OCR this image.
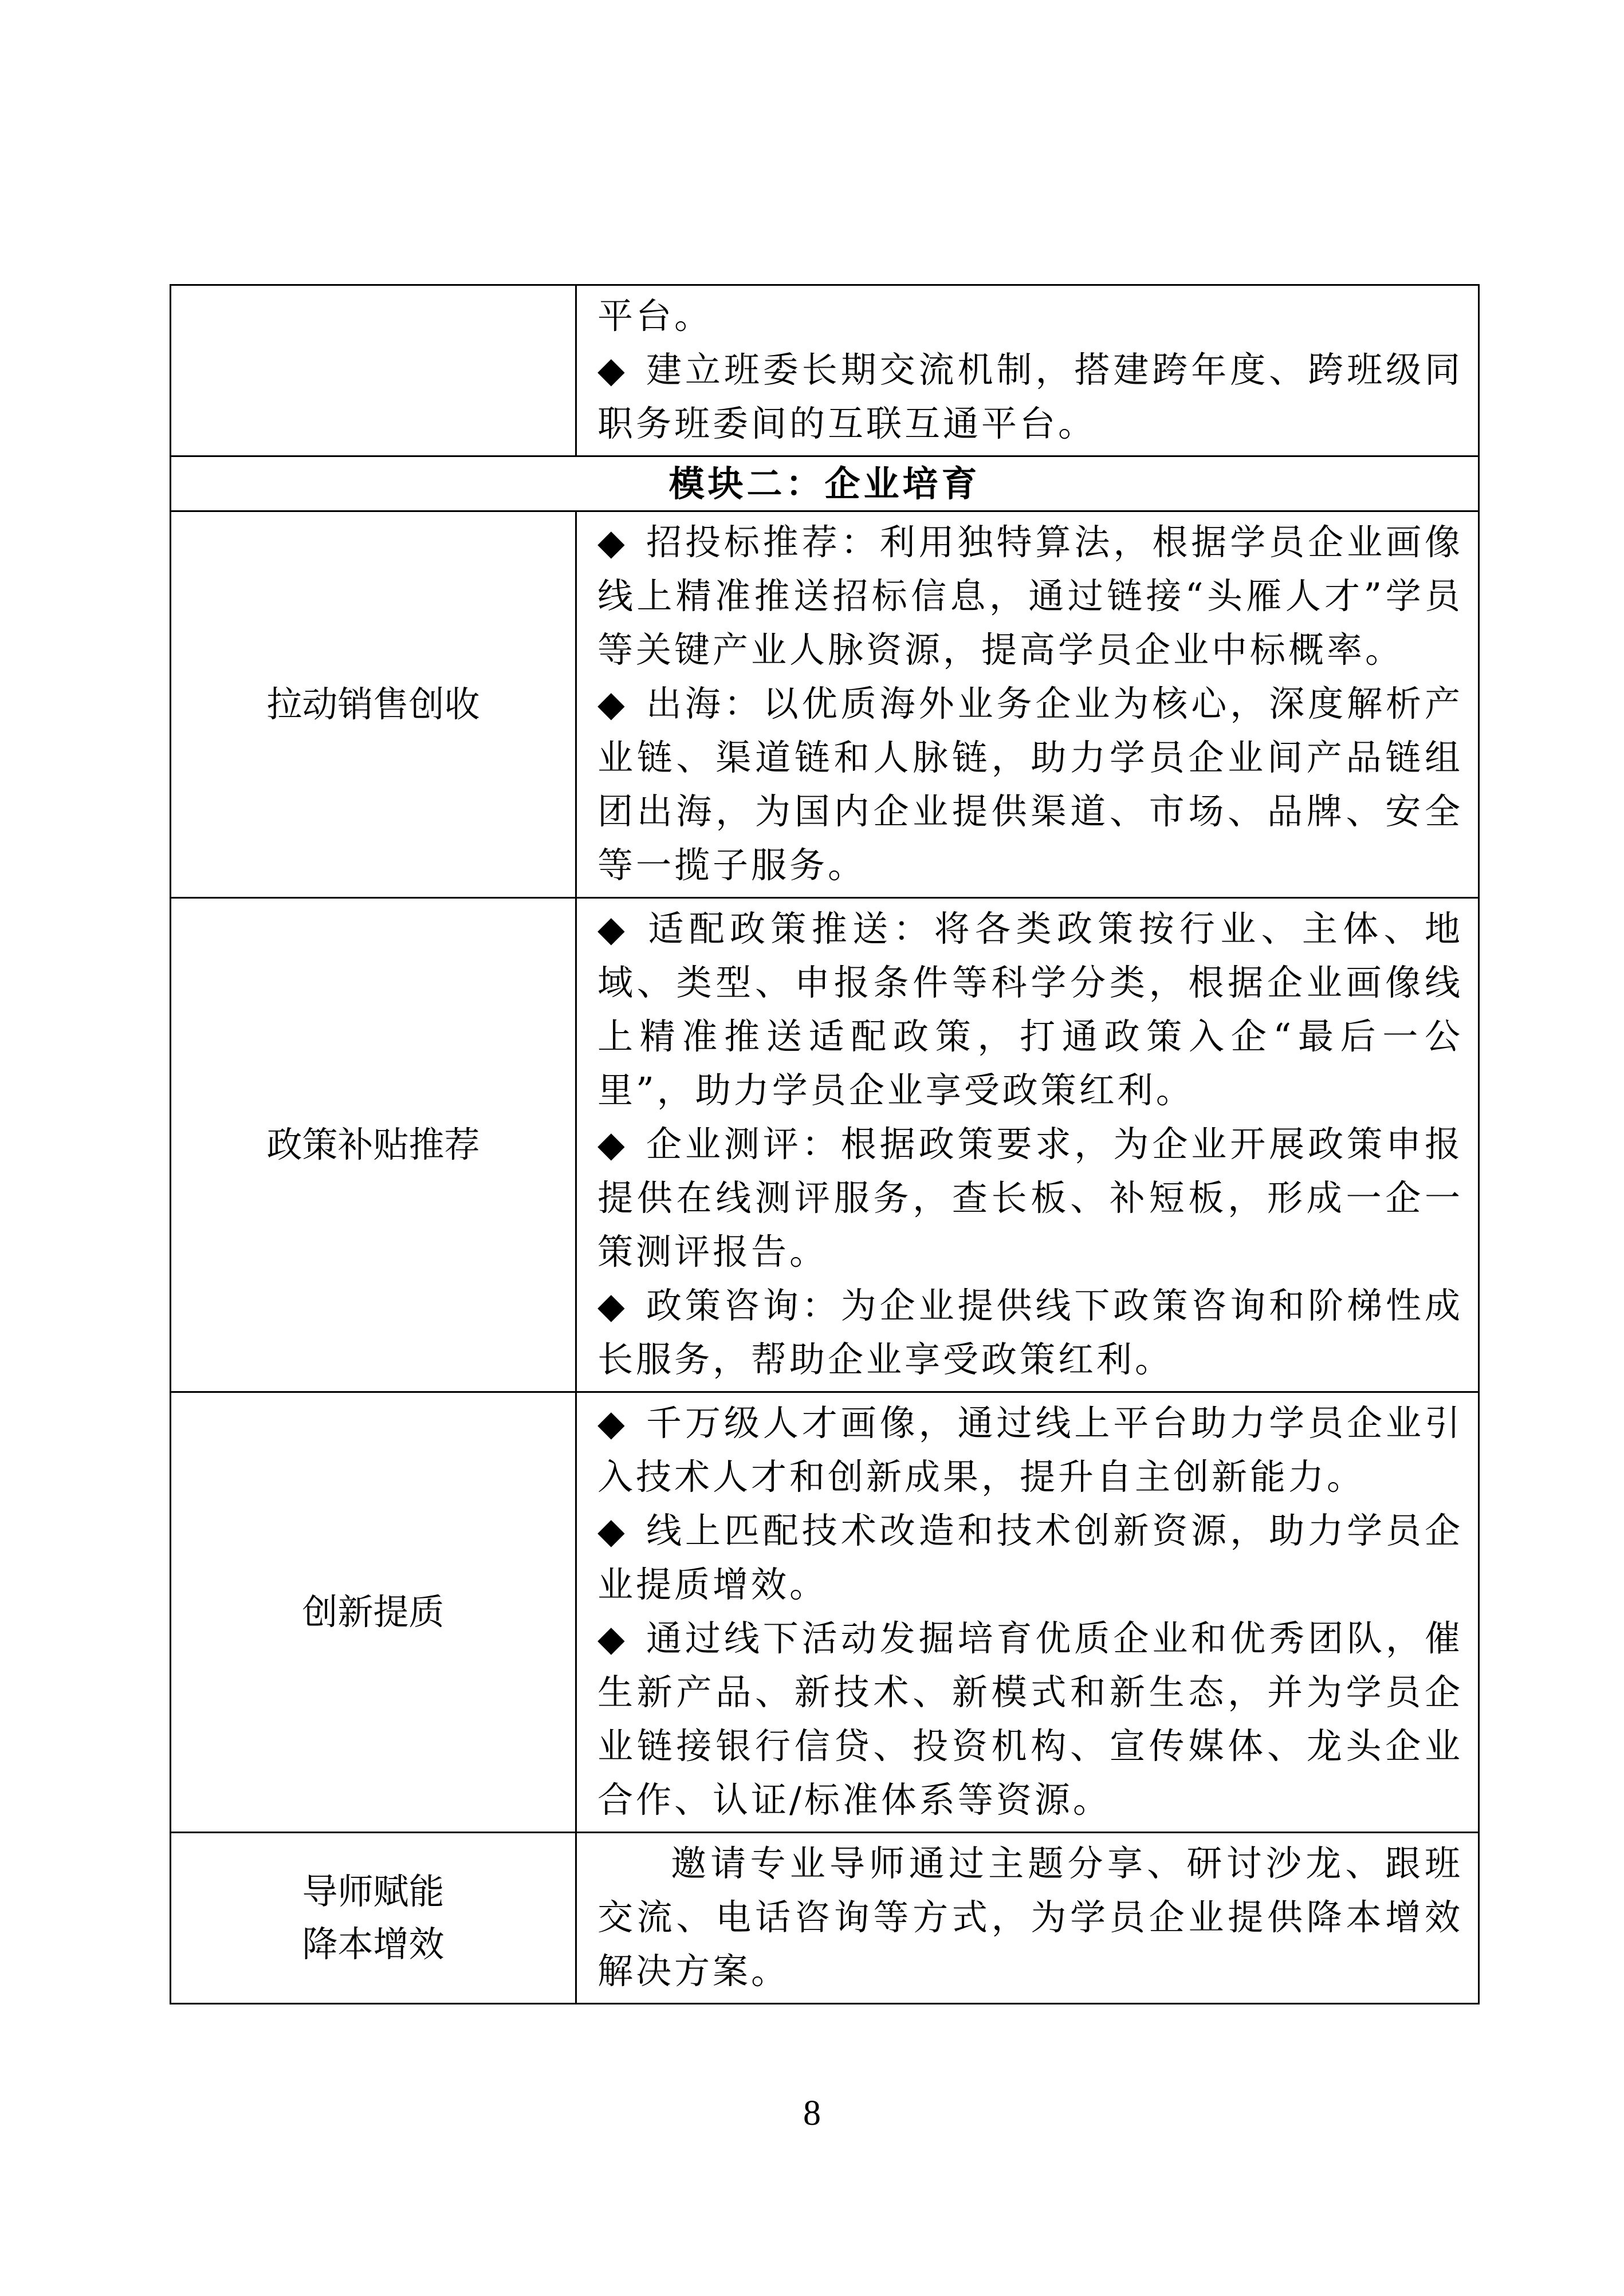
	平台。
◆ 建立班委长期交流机制，搭建跨年度、跨班级同职务班委间的互联互通平台。

模块二：企业培育	

拉动销售创收	◆ 招投标推荐：利用独特算法，根据学员企业画像线上精准推送招标信息，通过链接“头雁人才”学员等关键产业人脉资源，提高学员企业中标概率。
◆ 出海：以优质海外业务企业为核心，深度解析产业链、渠道链和人脉链，助力学员企业间产品链组团出海，为国内企业提供渠道、市场、品牌、安全等一揽子服务。

政策补贴推荐	◆ 适配政策推送：将各类政策按行业、主体、地域、类型、申报条件等科学分类，根据企业画像线上精准推送适配政策，打通政策入企“最后一公里”，助力学员企业享受政策红利。
◆ 企业测评：根据政策要求，为企业开展政策申报提供在线测评服务，查长板、补短板，形成一企一策测评报告。
◆ 政策咨询：为企业提供线下政策咨询和阶梯性成长服务，帮助企业享受政策红利。

创新提质	◆ 千万级人才画像，通过线上平台助力学员企业引入技术人才和创新成果，提升自主创新能力。
◆ 线上匹配技术改造和技术创新资源，助力学员企业提质增效。
◆ 通过线下活动发掘培育优质企业和优秀团队，催生新产品、新技术、新模式和新生态，并为学员企业链接银行信贷、投资机构、宣传媒体、龙头企业合作、认证/标准体系等资源。

导师赋能
降本增效	邀请专业导师通过主题分享、研讨沙龙、跟班交流、电话咨询等方式，为学员企业提供降本增效解决方案。
8
